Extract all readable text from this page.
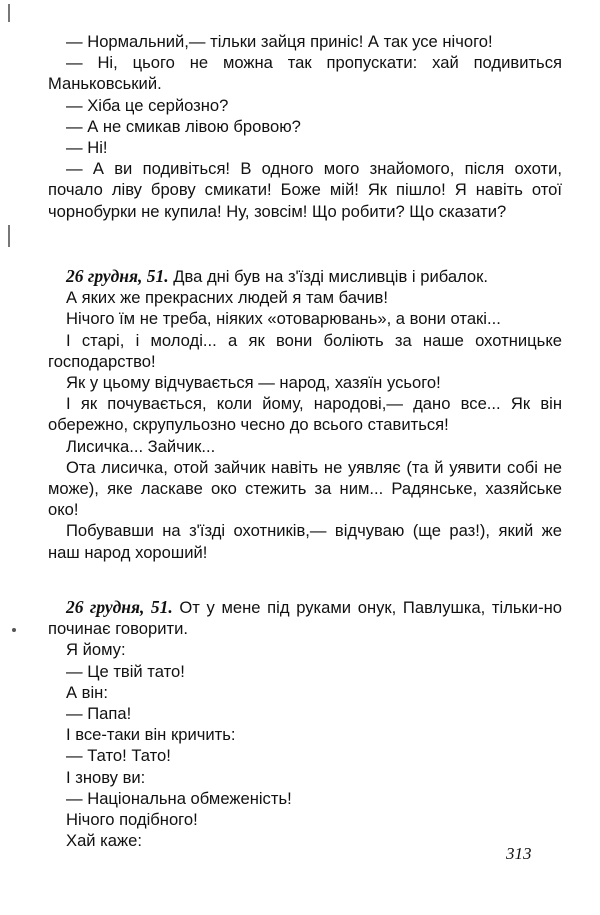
— Нормальний,— тільки зайця приніс! А так усе нічого!

— Ні, цього не можна так пропускати: хай подивиться Маньковський.

— Хіба це серйозно?

— А не смикав лівою бровою?

— Ні!

— А ви подивіться! В одного мого знайомого, після охоти, почало ліву брову смикати! Боже мій! Як пішло! Я навіть отої чорнобурки не купила! Ну, зовсім! Що робити? Що сказати?

26 грудня, 51. Два дні був на з'їзді мисливців і рибалок.

А яких же прекрасних людей я там бачив!

Нічого їм не треба, ніяких «отоварювань», а вони отакі...

І старі, і молоді... а як вони боліють за наше охотницьке господарство!

Як у цьому відчувається — народ, хазяїн усього!

І як почувається, коли йому, народові,— дано все... Як він обережно, скрупульозно чесно до всього ставиться!

Лисичка... Зайчик...

Ота лисичка, отой зайчик навіть не уявляє (та й уявити собі не може), яке ласкаве око стежить за ним... Радянське, хазяйське око!

Побувавши на з'їзді охотників,— відчуваю (ще раз!), який же наш народ хороший!

26 грудня, 51. От у мене під руками онук, Павлушка, тільки-но починає говорити.

Я йому:

— Це твій тато!

А він:

— Папа!

І все-таки він кричить:

— Тато! Тато!

І знову ви:

— Національна обмеженість!

Нічого подібного!

Хай каже:

313
